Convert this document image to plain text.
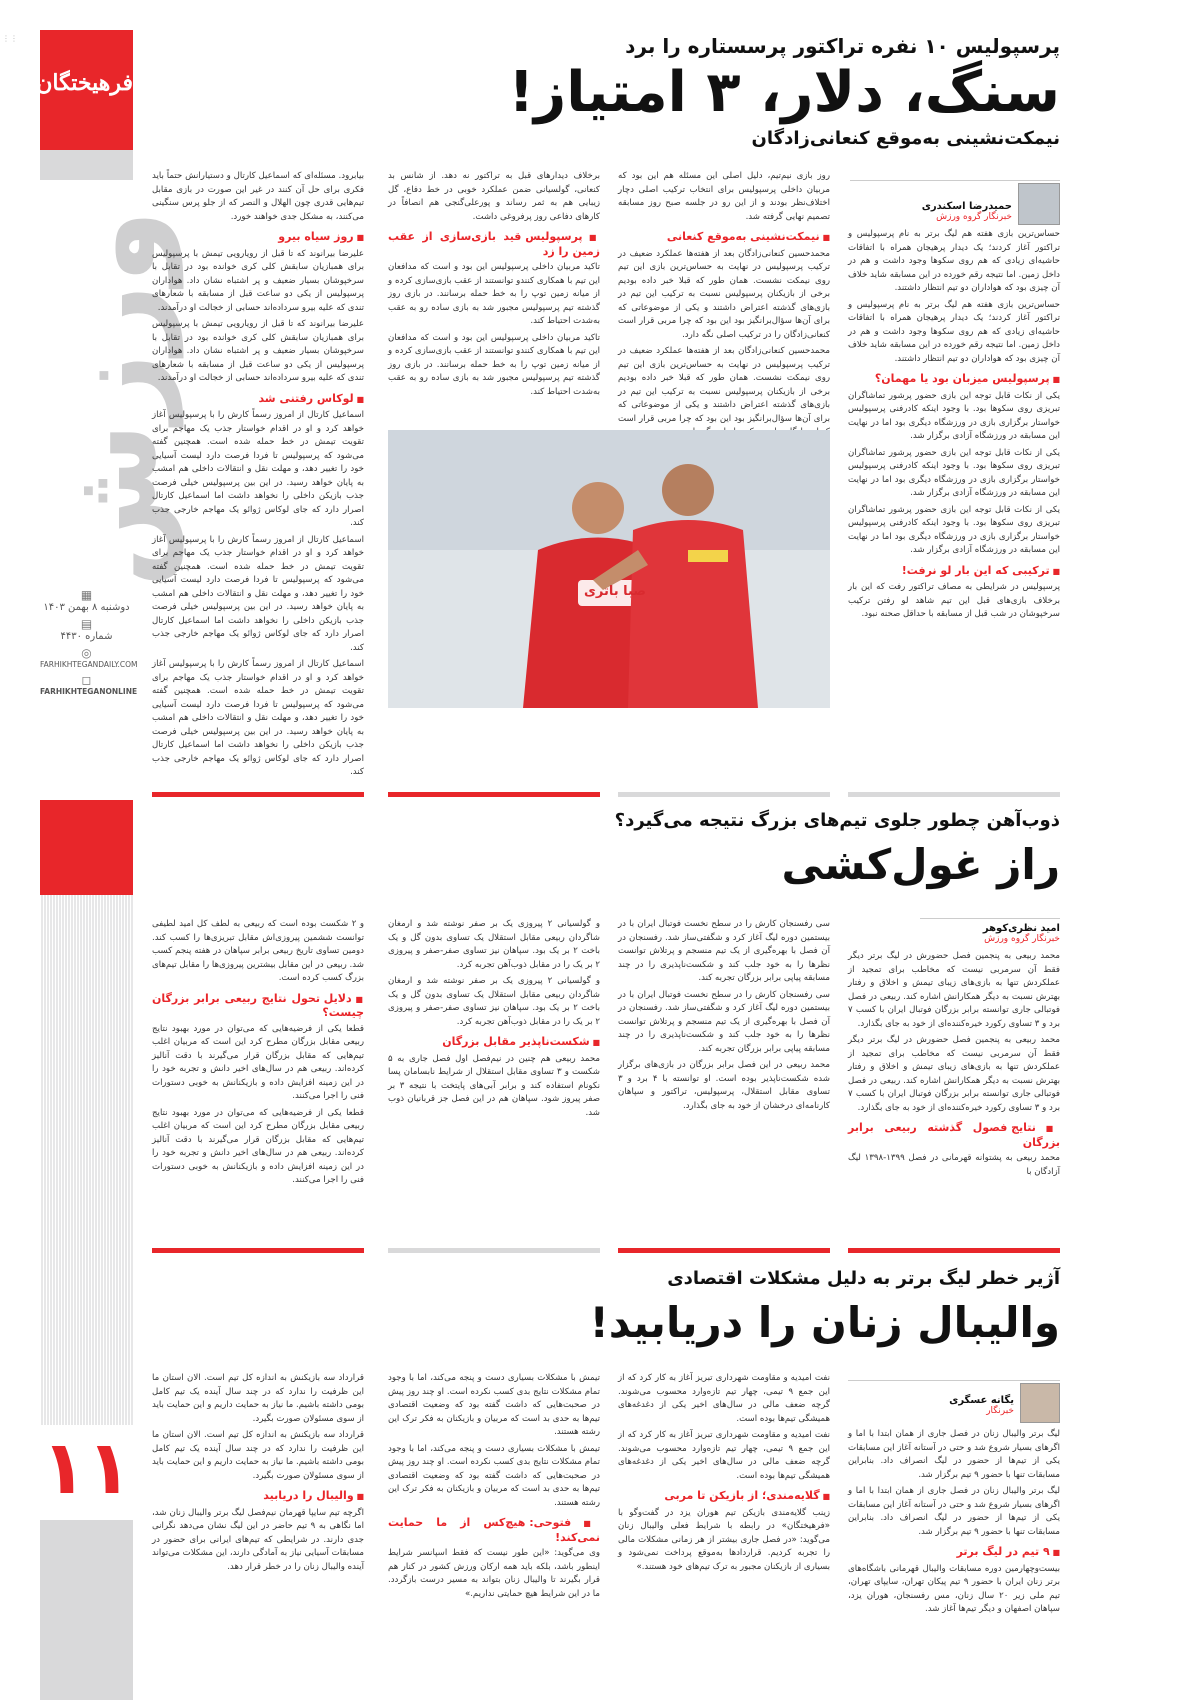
فرهیختگان
⋮⋮
ورزش
▦
دوشنبه ۸ بهمن ۱۴۰۳
▤
شماره ۴۴۳۰
◎
FARHIKHTEGANDAILY.COM
◻
FARHIKHTEGANONLINE
۱۱
پرسپولیس ۱۰ نفره تراکتور پرسستاره را برد
سنگ، دلار، ۳ امتیاز!
نیمکت‌نشینی به‌موقع کنعانی‌زادگان
حمیدرضا اسکندری
خبرنگار گروه ورزش

حساس‌ترین بازی هفته هم لیگ برتر به نام پرسپولیس و تراکتور آغاز کردند؛ یک دیدار پرهیجان همراه با اتفاقات حاشیه‌ای زیادی که هم روی سکوها وجود داشت و هم در داخل زمین. اما نتیجه رقم خورده در این مسابقه شاید خلاف آن چیزی بود که هواداران دو تیم انتظار داشتند.

حساس‌ترین بازی هفته هم لیگ برتر به نام پرسپولیس و تراکتور آغاز کردند؛ یک دیدار پرهیجان همراه با اتفاقات حاشیه‌ای زیادی که هم روی سکوها وجود داشت و هم در داخل زمین. اما نتیجه رقم خورده در این مسابقه شاید خلاف آن چیزی بود که هواداران دو تیم انتظار داشتند.

■ پرسپولیس میزبان بود یا مهمان؟

یکی از نکات قابل توجه این بازی حضور پرشور تماشاگران تبریزی روی سکوها بود. با وجود اینکه کادرفنی پرسپولیس خواستار برگزاری بازی در ورزشگاه دیگری بود اما در نهایت این مسابقه در ورزشگاه آزادی برگزار شد.

یکی از نکات قابل توجه این بازی حضور پرشور تماشاگران تبریزی روی سکوها بود. با وجود اینکه کادرفنی پرسپولیس خواستار برگزاری بازی در ورزشگاه دیگری بود اما در نهایت این مسابقه در ورزشگاه آزادی برگزار شد.

یکی از نکات قابل توجه این بازی حضور پرشور تماشاگران تبریزی روی سکوها بود. با وجود اینکه کادرفنی پرسپولیس خواستار برگزاری بازی در ورزشگاه دیگری بود اما در نهایت این مسابقه در ورزشگاه آزادی برگزار شد.

■ ترکیبی که این بار لو نرفت!

پرسپولیس در شرایطی به مصاف تراکتور رفت که این بار برخلاف بازی‌های قبل این تیم شاهد لو رفتن ترکیب سرخپوشان در شب قبل از مسابقه با حداقل صحنه نبود.

روز بازی نیم‌تیم، دلیل اصلی این مسئله هم این بود که مربیان داخلی پرسپولیس برای انتخاب ترکیب اصلی دچار اختلاف‌نظر بودند و از این رو در جلسه صبح روز مسابقه تصمیم نهایی گرفته شد.

■ نیمکت‌نشینی به‌موقع کنعانی

محمدحسین کنعانی‌زادگان بعد از هفته‌ها عملکرد ضعیف در ترکیب پرسپولیس در نهایت به حساس‌ترین بازی این تیم روی نیمکت نشست. همان طور که قبلا خبر داده بودیم برخی از بازیکنان پرسپولیس نسبت به ترکیب این تیم در بازی‌های گذشته اعتراض داشتند و یکی از موضوعاتی که برای آن‌ها سؤال‌برانگیز بود این بود که چرا مربی قرار است کنعانی‌زادگان را در ترکیب اصلی نگه دارد.

محمدحسین کنعانی‌زادگان بعد از هفته‌ها عملکرد ضعیف در ترکیب پرسپولیس در نهایت به حساس‌ترین بازی این تیم روی نیمکت نشست. همان طور که قبلا خبر داده بودیم برخی از بازیکنان پرسپولیس نسبت به ترکیب این تیم در بازی‌های گذشته اعتراض داشتند و یکی از موضوعاتی که برای آن‌ها سؤال‌برانگیز بود این بود که چرا مربی قرار است

برخلاف دیدارهای قبل به تراکتور نه دهد. از شانس بد کنعانی، گولسیانی ضمن عملکرد خوبی در خط دفاع، گل زیبایی هم به ثمر رساند و پورعلی‌گنجی هم انصافاً در کارهای دفاعی روز پرفروغی داشت.

■ پرسپولیس قید بازی‌سازی از عقب زمین را زد

تاکید مربیان داخلی پرسپولیس این بود و است که مدافعان این تیم با همکاری کنندو توانستند از عقب بازی‌سازی کرده و از میانه زمین توپ را به خط حمله برسانند. در بازی روز گذشته تیم پرسپولیس مجبور شد به بازی ساده رو به عقب به‌شدت احتیاط کند.

تاکید مربیان داخلی پرسپولیس این بود و است که مدافعان این تیم با همکاری کنندو توانستند از عقب بازی‌سازی کرده و از میانه زمین توپ را به خط حمله برسانند. در بازی روز گذشته تیم پرسپولیس مجبور شد به بازی ساده رو به عقب به‌شدت احتیاط کند.

صبا باتری

بیابرود. مسئله‌ای که اسماعیل کارتال و دستیارانش حتماً باید فکری برای حل آن کنند در غیر این صورت در بازی مقابل تیم‌هایی قدری چون الهلال و النصر که از جلو پرس سنگینی می‌کنند، به مشکل جدی خواهند خورد.

■ روز سیاه بیرو

علیرضا بیرانوند که تا قبل از رویارویی تیمش با پرسپولیس برای همبازیان سابقش کلی کری خوانده بود در تقابل با سرخپوشان بسیار ضعیف و پر اشتباه نشان داد. هواداران پرسپولیس از یکی دو ساعت قبل از مسابقه با شعارهای تندی که علیه بیرو سرداده‌اند حسابی از خجالت او درآمدند.

علیرضا بیرانوند که تا قبل از رویارویی تیمش با پرسپولیس برای همبازیان سابقش کلی کری خوانده بود در تقابل با سرخپوشان بسیار ضعیف و پر اشتباه نشان داد. هواداران پرسپولیس از یکی دو ساعت قبل از مسابقه با شعارهای تندی که علیه بیرو سرداده‌اند حسابی از خجالت او درآمدند.

■ لوکاس رفتنی شد

اسماعیل کارتال از امروز رسماً کارش را با پرسپولیس آغاز خواهد کرد و او در اقدام خواستار جذب یک مهاجم برای تقویت تیمش در خط حمله شده است. همچنین گفته می‌شود که پرسپولیس تا فردا فرصت دارد لیست آسیایی خود را تغییر دهد، و مهلت نقل و انتقالات داخلی هم امشب به پایان خواهد رسید. در این بین پرسپولیس خیلی فرصت جذب بازیکن داخلی را نخواهد داشت اما اسماعیل کارتال اصرار دارد که جای لوکاس ژوائو یک مهاجم خارجی جذب کند.

اسماعیل کارتال از امروز رسماً کارش را با پرسپولیس آغاز خواهد کرد و او در اقدام خواستار جذب یک مهاجم برای تقویت تیمش در خط حمله شده است. همچنین گفته می‌شود که پرسپولیس تا فردا فرصت دارد لیست آسیایی خود را تغییر دهد، و مهلت نقل و انتقالات داخلی هم امشب به پایان خواهد رسید. در این بین پرسپولیس خیلی فرصت جذب بازیکن داخلی را نخواهد داشت اما اسماعیل کارتال اصرار دارد که جای لوکاس ژوائو یک مهاجم خارجی جذب کند.

اسماعیل کارتال از امروز رسماً کارش را با پرسپولیس آغاز خواهد کرد و او در اقدام خواستار جذب یک مهاجم برای تقویت تیمش در خط حمله شده است. همچنین گفته می‌شود که پرسپولیس تا فردا فرصت دارد لیست آسیایی خود را تغییر دهد، و مهلت نقل و انتقالات داخلی هم امشب به پایان خواهد رسید. در این بین پرسپولیس خیلی فرصت جذب بازیکن داخلی را نخواهد داشت اما اسماعیل کارتال اصرار دارد که جای لوکاس ژوائو یک مهاجم خارجی جذب کند.

ذوب‌آهن چطور جلوی تیم‌های بزرگ نتیجه می‌گیرد؟
راز غول‌کشی
امید نظری‌کوهر
خبرنگار گروه ورزش

محمد ربیعی به پنجمین فصل حضورش در لیگ برتر دیگر فقط آن سرمربی نیست که مخاطب برای تمجید از عملکردش تنها به بازی‌های زیبای تیمش و اخلاق و رفتار بهترش نسبت به دیگر همکارانش اشاره کند. ربیعی در فصل فوتبالی جاری توانسته برابر بزرگان فوتبال ایران با کسب ۷ برد و ۳ تساوی رکورد خیره‌کننده‌ای از خود به جای بگذارد.

محمد ربیعی به پنجمین فصل حضورش در لیگ برتر دیگر فقط آن سرمربی نیست که مخاطب برای تمجید از عملکردش تنها به بازی‌های زیبای تیمش و اخلاق و رفتار بهترش نسبت به دیگر همکارانش اشاره کند. ربیعی در فصل فوتبالی جاری توانسته برابر بزرگان فوتبال ایران با کسب ۷ برد و ۳ تساوی رکورد خیره‌کننده‌ای از خود به جای بگذارد.

■ نتایج فصول گذشته ربیعی برابر بزرگان

محمد ربیعی به پشتوانه قهرمانی در فصل ۱۳۹۹-۱۳۹۸ لیگ آزادگان با

سی رفسنجان کارش را در سطح نخست فوتبال ایران با در بیستمین دوره لیگ آغاز کرد و شگفتی‌ساز شد. رفسنجان در آن فصل با بهره‌گیری از یک تیم منسجم و پرتلاش توانست نظرها را به خود جلب کند و شکست‌ناپذیری را در چند مسابقه پیاپی برابر بزرگان تجربه کند.

سی رفسنجان کارش را در سطح نخست فوتبال ایران با در بیستمین دوره لیگ آغاز کرد و شگفتی‌ساز شد. رفسنجان در آن فصل با بهره‌گیری از یک تیم منسجم و پرتلاش توانست نظرها را به خود جلب کند و شکست‌ناپذیری را در چند مسابقه پیاپی برابر بزرگان تجربه کند.

محمد ربیعی در این فصل برابر بزرگان در بازی‌های برگزار شده شکست‌ناپذیر بوده است. او توانسته با ۴ برد و ۳ تساوی مقابل استقلال، پرسپولیس، تراکتور و سپاهان کارنامه‌ای درخشان از خود به جای بگذارد.

و گولسیانی ۲ پیروزی یک بر صفر نوشته شد و ارمغان شاگردان ربیعی مقابل استقلال یک تساوی بدون گل و یک باخت ۲ بر یک بود. سپاهان نیز تساوی صفر-صفر و پیروزی ۲ بر یک را در مقابل ذوب‌آهن تجربه کرد.

و گولسیانی ۲ پیروزی یک بر صفر نوشته شد و ارمغان شاگردان ربیعی مقابل استقلال یک تساوی بدون گل و یک باخت ۲ بر یک بود. سپاهان نیز تساوی صفر-صفر و پیروزی ۲ بر یک را در مقابل ذوب‌آهن تجربه کرد.

■ شکست‌ناپذیر مقابل بزرگان

محمد ربیعی هم چنین در نیم‌فصل اول فصل جاری به ۵ شکست و ۳ تساوی مقابل استقلال از شرایط نابسامان پسا نکونام استفاده کند و برابر آبی‌های پایتخت با نتیجه ۳ بر صفر پیروز شود. سپاهان هم در این فصل جز قربانیان ذوب شد.

و ۲ شکست بوده است که ربیعی به لطف کل امید لطیفی توانست ششمین پیروزی‌اش مقابل تبریزی‌ها را کسب کند. دومین تساوی تاریخ ربیعی برابر سپاهان در هفته پنجم کسب شد. ربیعی در این مقابل بیشترین پیروزی‌ها را مقابل تیم‌های بزرگ کسب کرده است.

■ دلایل تحول نتایج ربیعی برابر بزرگان چیست؟

قطعا یکی از فرضیه‌هایی که می‌توان در مورد بهبود نتایج ربیعی مقابل بزرگان مطرح کرد این است که مربیان اغلب تیم‌هایی که مقابل بزرگان قرار می‌گیرند با دقت آنالیز کرده‌اند. ربیعی هم در سال‌های اخیر دانش و تجربه خود را در این زمینه افزایش داده و بازیکنانش به خوبی دستورات فنی را اجرا می‌کنند.

قطعا یکی از فرضیه‌هایی که می‌توان در مورد بهبود نتایج ربیعی مقابل بزرگان مطرح کرد این است که مربیان اغلب تیم‌هایی که مقابل بزرگان قرار می‌گیرند با دقت آنالیز کرده‌اند. ربیعی هم در سال‌های اخیر دانش و تجربه خود را در این زمینه افزایش داده و بازیکنانش به خوبی دستورات فنی را اجرا می‌کنند.

آژیر خطر لیگ برتر به دلیل مشکلات اقتصادی
والیبال زنان را دریابید!
یگانه عسگری
خبرنگار

لیگ برتر والیبال زنان در فصل جاری از همان ابتدا با اما و اگرهای بسیار شروع شد و حتی در آستانه آغاز این مسابقات یکی از تیم‌ها از حضور در لیگ انصراف داد. بنابراین مسابقات تنها با حضور ۹ تیم برگزار شد.

لیگ برتر والیبال زنان در فصل جاری از همان ابتدا با اما و اگرهای بسیار شروع شد و حتی در آستانه آغاز این مسابقات یکی از تیم‌ها از حضور در لیگ انصراف داد. بنابراین مسابقات تنها با حضور ۹ تیم برگزار شد.

■ ۹ تیم در لیگ برتر

بیست‌وچهارمین دوره مسابقات والیبال قهرمانی باشگاه‌های برتر زنان ایران با حضور ۹ تیم پیکان تهران، سایپای تهران، تیم ملی زیر ۲۰ سال زنان، مس رفسنجان، هوران یزد، سپاهان اصفهان و دیگر تیم‌ها آغاز شد.

نفت امیدیه و مقاومت شهرداری تبریز آغاز به کار کرد که از این جمع ۹ تیمی، چهار تیم تازه‌وارد محسوب می‌شوند. گرچه ضعف مالی در سال‌های اخیر یکی از دغدغه‌های همیشگی تیم‌ها بوده است.

نفت امیدیه و مقاومت شهرداری تبریز آغاز به کار کرد که از این جمع ۹ تیمی، چهار تیم تازه‌وارد محسوب می‌شوند. گرچه ضعف مالی در سال‌های اخیر یکی از دغدغه‌های همیشگی تیم‌ها بوده است.

■ گلایه‌مندی؛ از بازیکن تا مربی

زینب گلایه‌مندی بازیکن تیم هوران یزد در گفت‌وگو با «فرهیختگان» در رابطه با شرایط فعلی والیبال زنان می‌گوید: «در فصل جاری بیشتر از هر زمانی مشکلات مالی را تجربه کردیم. قراردادها به‌موقع پرداخت نمی‌شود و بسیاری از بازیکنان مجبور به ترک تیم‌های خود هستند.»

تیمش با مشکلات بسیاری دست و پنجه می‌کند، اما با وجود تمام مشکلات نتایج بدی کسب نکرده است. او چند روز پیش در صحبت‌هایی که داشت گفته بود که وضعیت اقتصادی تیم‌ها به حدی بد است که مربیان و بازیکنان به فکر ترک این رشته هستند.

تیمش با مشکلات بسیاری دست و پنجه می‌کند، اما با وجود تمام مشکلات نتایج بدی کسب نکرده است. او چند روز پیش در صحبت‌هایی که داشت گفته بود که وضعیت اقتصادی تیم‌ها به حدی بد است که مربیان و بازیکنان به فکر ترک این رشته هستند.

■ فتوحی: هیچ‌کس از ما حمایت نمی‌کند!

وی می‌گوید: «این طور نیست که فقط اسپانسر شرایط اینطور باشد، بلکه باید همه ارکان ورزش کشور در کنار هم قرار بگیرند تا والیبال زنان بتواند به مسیر درست بازگردد. ما در این شرایط هیچ حمایتی نداریم.»

قرارداد سه بازیکنش به اندازه کل تیم است. الان استان ما این ظرفیت را ندارد که در چند سال آینده یک تیم کامل بومی داشته باشیم. ما نیاز به حمایت داریم و این حمایت باید از سوی مسئولان صورت بگیرد.

قرارداد سه بازیکنش به اندازه کل تیم است. الان استان ما این ظرفیت را ندارد که در چند سال آینده یک تیم کامل بومی داشته باشیم. ما نیاز به حمایت داریم و این حمایت باید از سوی مسئولان صورت بگیرد.

■ والیبال را دریابید

اگرچه تیم سایپا قهرمان نیم‌فصل لیگ برتر والیبال زنان شد، اما نگاهی به ۹ تیم حاضر در این لیگ نشان می‌دهد نگرانی جدی دارند. در شرایطی که تیم‌های ایرانی برای حضور در مسابقات آسیایی نیاز به آمادگی دارند، این مشکلات می‌تواند آینده والیبال زنان را در خطر قرار دهد.
